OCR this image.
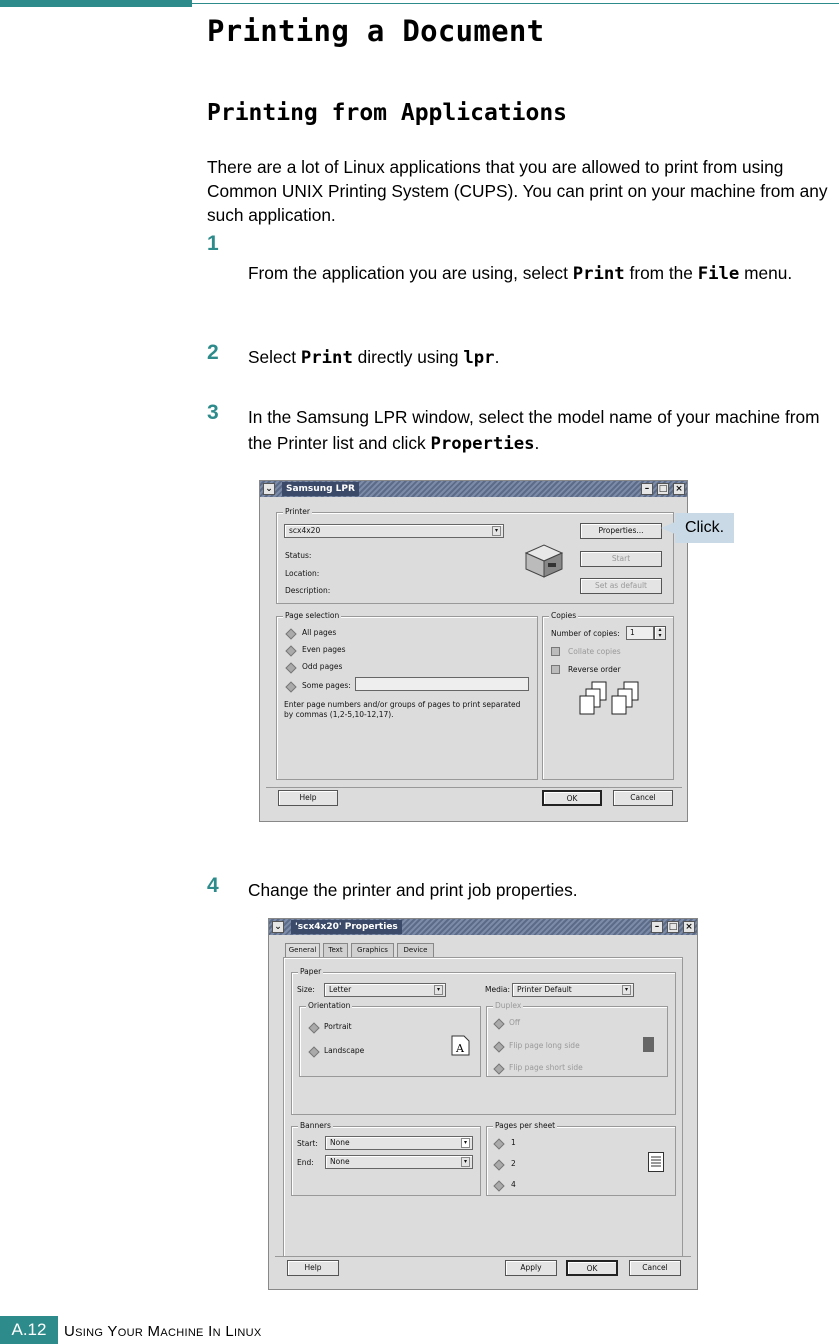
Printing a Document
Printing from Applications
There are a lot of Linux applications that you are allowed to print from using Common UNIX Printing System (CUPS). You can print on your machine from any such application.
1
From the application you are using, select Print from the File menu.
2 Select Print directly using lpr.
3 In the Samsung LPR window, select the model name of your machine from the Printer list and click Properties.
⌄	Samsung LPR	–	□ ×
Printer
scx4x20	▾
Status:
Location:
Description:
Properties...
Start
Set as default
Page selection
All pages
Even pages
Odd pages
Some pages:
Enter page numbers and/or groups of pages to print separated
by commas (1,2-5,10-12,17).
Copies
Number of copies:	1	▴
▾
Collate copies
Reverse order
Help	OK	Cancel
Click.
4 Change the printer and print job properties.
⌄	'scx4x20' Properties	–	□ ×
General	Text	Graphics	Device
Paper
Size:	Letter	▾	Media: Printer Default	▾
Orientation
Portrait
Landscape	A
Duplex
Off
Flip page long side
Flip page short side
Banners
Start:	None	▾
End:	None	▾
Pages per sheet
1
2
4
Help	Apply	OK	Cancel
A.12	Using Your Machine In Linux
